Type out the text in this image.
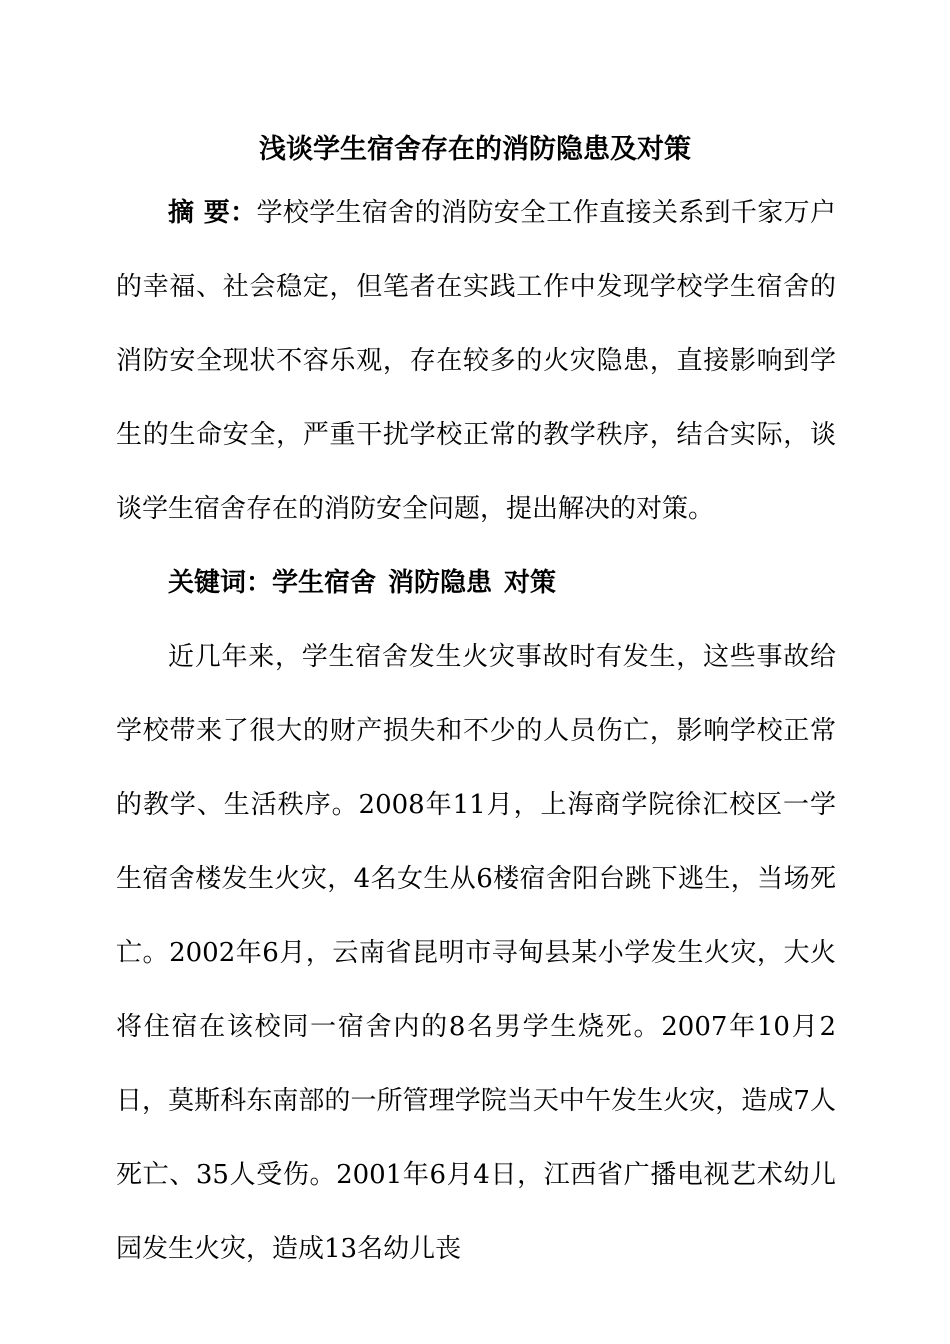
浅谈学生宿舍存在的消防隐患及对策

摘 要：学校学生宿舍的消防安全工作直接关系到千家万户的幸福、社会稳定，但笔者在实践工作中发现学校学生宿舍的消防安全现状不容乐观，存在较多的火灾隐患，直接影响到学生的生命安全，严重干扰学校正常的教学秩序，结合实际，谈谈学生宿舍存在的消防安全问题，提出解决的对策。

关键词：学生宿舍 消防隐患 对策

近几年来，学生宿舍发生火灾事故时有发生，这些事故给学校带来了很大的财产损失和不少的人员伤亡，影响学校正常的教学、生活秩序。2008年11月，上海商学院徐汇校区一学生宿舍楼发生火灾，4名女生从6楼宿舍阳台跳下逃生，当场死亡。2002年6月，云南省昆明市寻甸县某小学发生火灾，大火将住宿在该校同一宿舍内的8名男学生烧死。2007年10月2日，莫斯科东南部的一所管理学院当天中午发生火灾，造成7人死亡、35人受伤。2001年6月4日，江西省广播电视艺术幼儿园发生火灾，造成13名幼儿丧
